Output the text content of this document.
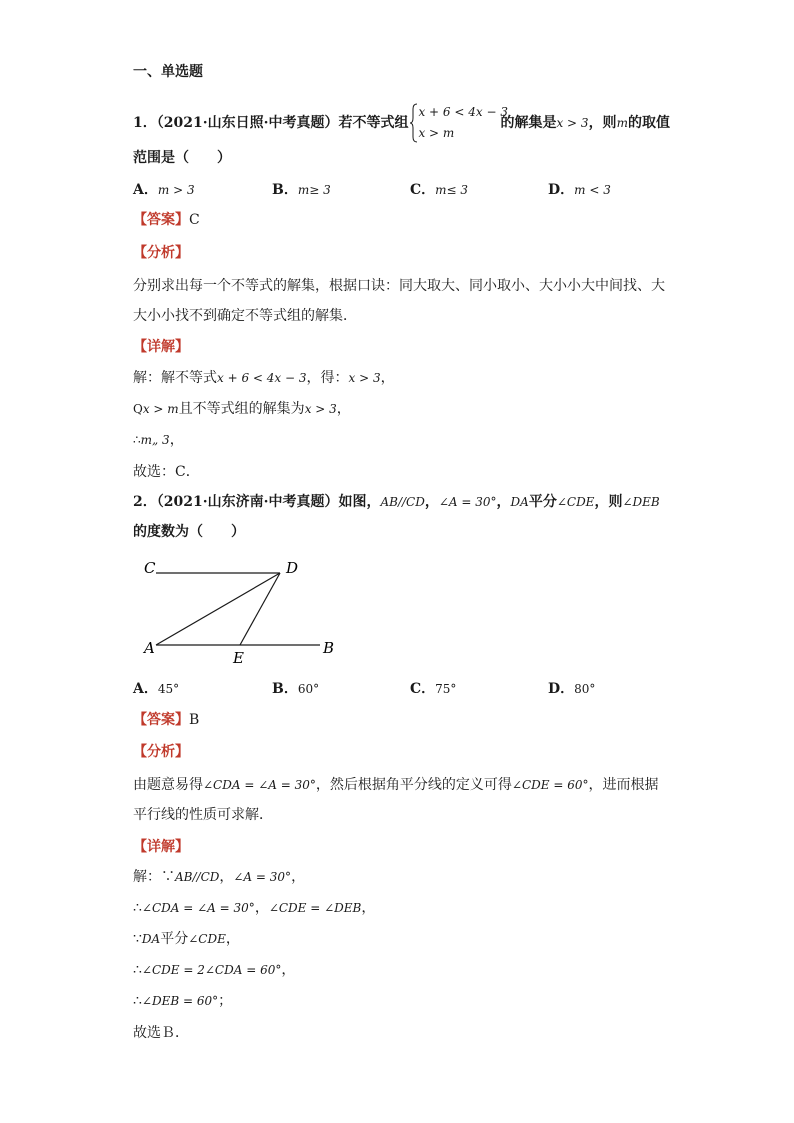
一、单选题
1．（2021·山东日照·中考真题）若不等式组
x + 6 < 4x − 3
x > m
的解集是x > 3，则m的取值
范围是（　　）
A．m > 3	B．m≥ 3	C．m≤ 3	D．m < 3
【答案】C
【分析】
分别求出每一个不等式的解集，根据口诀：同大取大、同小取小、大小小大中间找、大
大小小找不到确定不等式组的解集．
【详解】
解：解不等式x + 6 < 4x − 3，得：x > 3，
Qx > m且不等式组的解集为x > 3，
∴m„ 3，
故选：C．
2．（2021·山东济南·中考真题）如图，AB//CD，∠A = 30°，DA平分∠CDE，则∠DEB
的度数为（　　）
C	D
A
E
B
A．45°	B．60°	C．75°	D．80°
【答案】B
【分析】
由题意易得∠CDA = ∠A = 30°，然后根据角平分线的定义可得∠CDE = 60°，进而根据
平行线的性质可求解．
【详解】
解：∵AB//CD，∠A = 30°，
∴∠CDA = ∠A = 30°，∠CDE = ∠DEB，
∵DA平分∠CDE，
∴∠CDE = 2∠CDA = 60°，
∴∠DEB = 60°；
故选Ｂ．
